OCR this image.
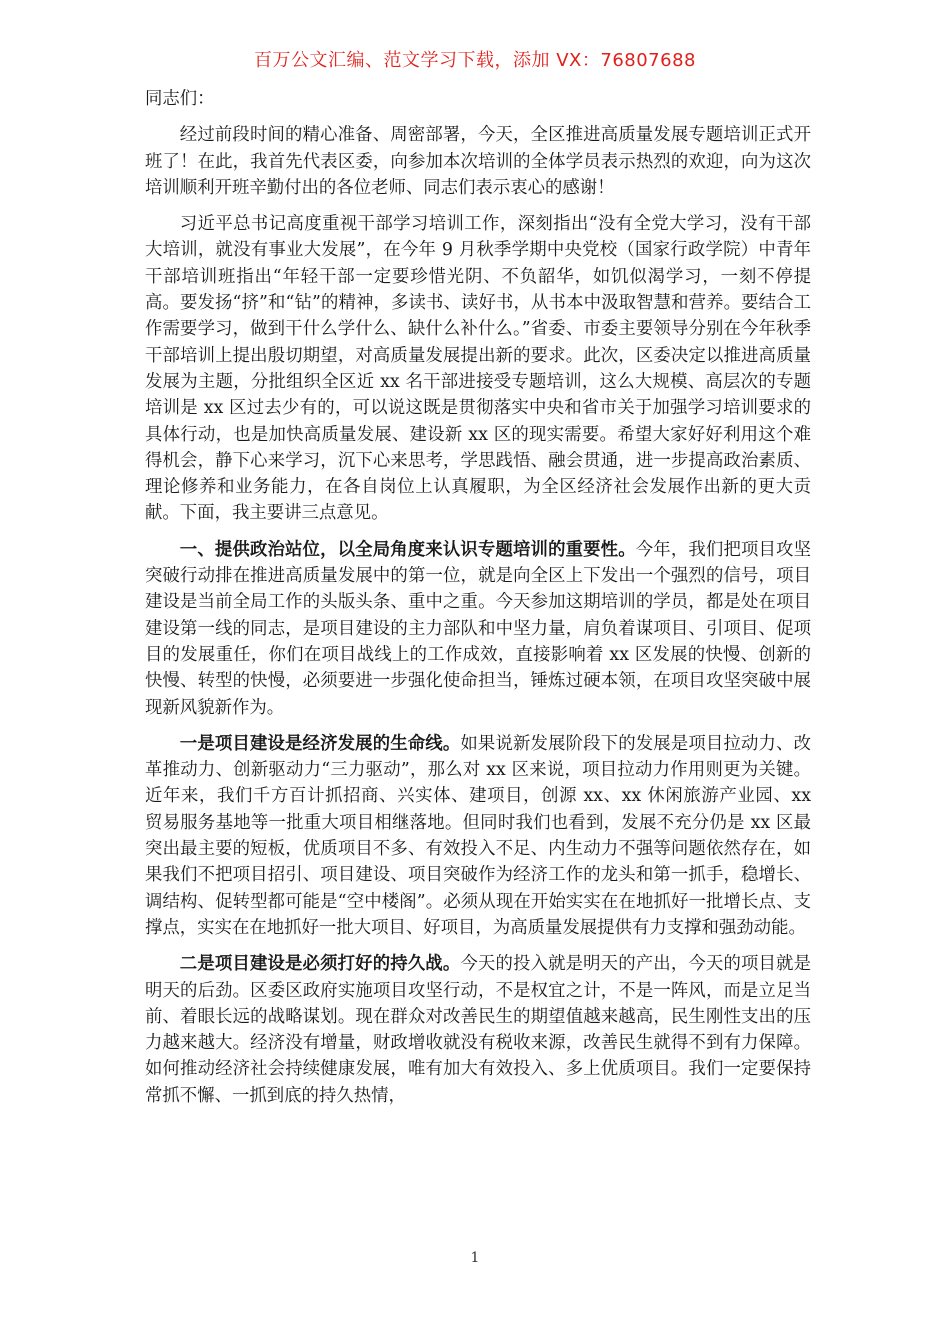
百万公文汇编、范文学习下载，添加 VX：76807688
同志们：

经过前段时间的精心准备、周密部署，今天，全区推进高质量发展专题培训正式开班了！在此，我首先代表区委，向参加本次培训的全体学员表示热烈的欢迎，向为这次培训顺利开班辛勤付出的各位老师、同志们表示衷心的感谢！

习近平总书记高度重视干部学习培训工作，深刻指出“没有全党大学习，没有干部大培训，就没有事业大发展”，在今年 9 月秋季学期中央党校（国家行政学院）中青年干部培训班指出“年轻干部一定要珍惜光阴、不负韶华，如饥似渴学习，一刻不停提高。要发扬“挤”和“钻”的精神，多读书、读好书，从书本中汲取智慧和营养。要结合工作需要学习，做到干什么学什么、缺什么补什么。”省委、市委主要领导分别在今年秋季干部培训上提出殷切期望，对高质量发展提出新的要求。此次，区委决定以推进高质量发展为主题，分批组织全区近 xx 名干部进接受专题培训，这么大规模、高层次的专题培训是 xx 区过去少有的，可以说这既是贯彻落实中央和省市关于加强学习培训要求的具体行动，也是加快高质量发展、建设新 xx 区的现实需要。希望大家好好利用这个难得机会，静下心来学习，沉下心来思考，学思践悟、融会贯通，进一步提高政治素质、理论修养和业务能力，在各自岗位上认真履职，为全区经济社会发展作出新的更大贡献。下面，我主要讲三点意见。

一、提供政治站位，以全局角度来认识专题培训的重要性。今年，我们把项目攻坚突破行动排在推进高质量发展中的第一位，就是向全区上下发出一个强烈的信号，项目建设是当前全局工作的头版头条、重中之重。今天参加这期培训的学员，都是处在项目建设第一线的同志，是项目建设的主力部队和中坚力量，肩负着谋项目、引项目、促项目的发展重任，你们在项目战线上的工作成效，直接影响着 xx 区发展的快慢、创新的快慢、转型的快慢，必须要进一步强化使命担当，锤炼过硬本领，在项目攻坚突破中展现新风貌新作为。

一是项目建设是经济发展的生命线。如果说新发展阶段下的发展是项目拉动力、改革推动力、创新驱动力“三力驱动”，那么对 xx 区来说，项目拉动力作用则更为关键。近年来，我们千方百计抓招商、兴实体、建项目，创源 xx、xx 休闲旅游产业园、xx 贸易服务基地等一批重大项目相继落地。但同时我们也看到，发展不充分仍是 xx 区最突出最主要的短板，优质项目不多、有效投入不足、内生动力不强等问题依然存在，如果我们不把项目招引、项目建设、项目突破作为经济工作的龙头和第一抓手，稳增长、调结构、促转型都可能是“空中楼阁”。必须从现在开始实实在在地抓好一批增长点、支撑点，实实在在地抓好一批大项目、好项目，为高质量发展提供有力支撑和强劲动能。

二是项目建设是必须打好的持久战。今天的投入就是明天的产出，今天的项目就是明天的后劲。区委区政府实施项目攻坚行动，不是权宜之计，不是一阵风，而是立足当前、着眼长远的战略谋划。现在群众对改善民生的期望值越来越高，民生刚性支出的压力越来越大。经济没有增量，财政增收就没有税收来源，改善民生就得不到有力保障。如何推动经济社会持续健康发展，唯有加大有效投入、多上优质项目。我们一定要保持常抓不懈、一抓到底的持久热情，

1
